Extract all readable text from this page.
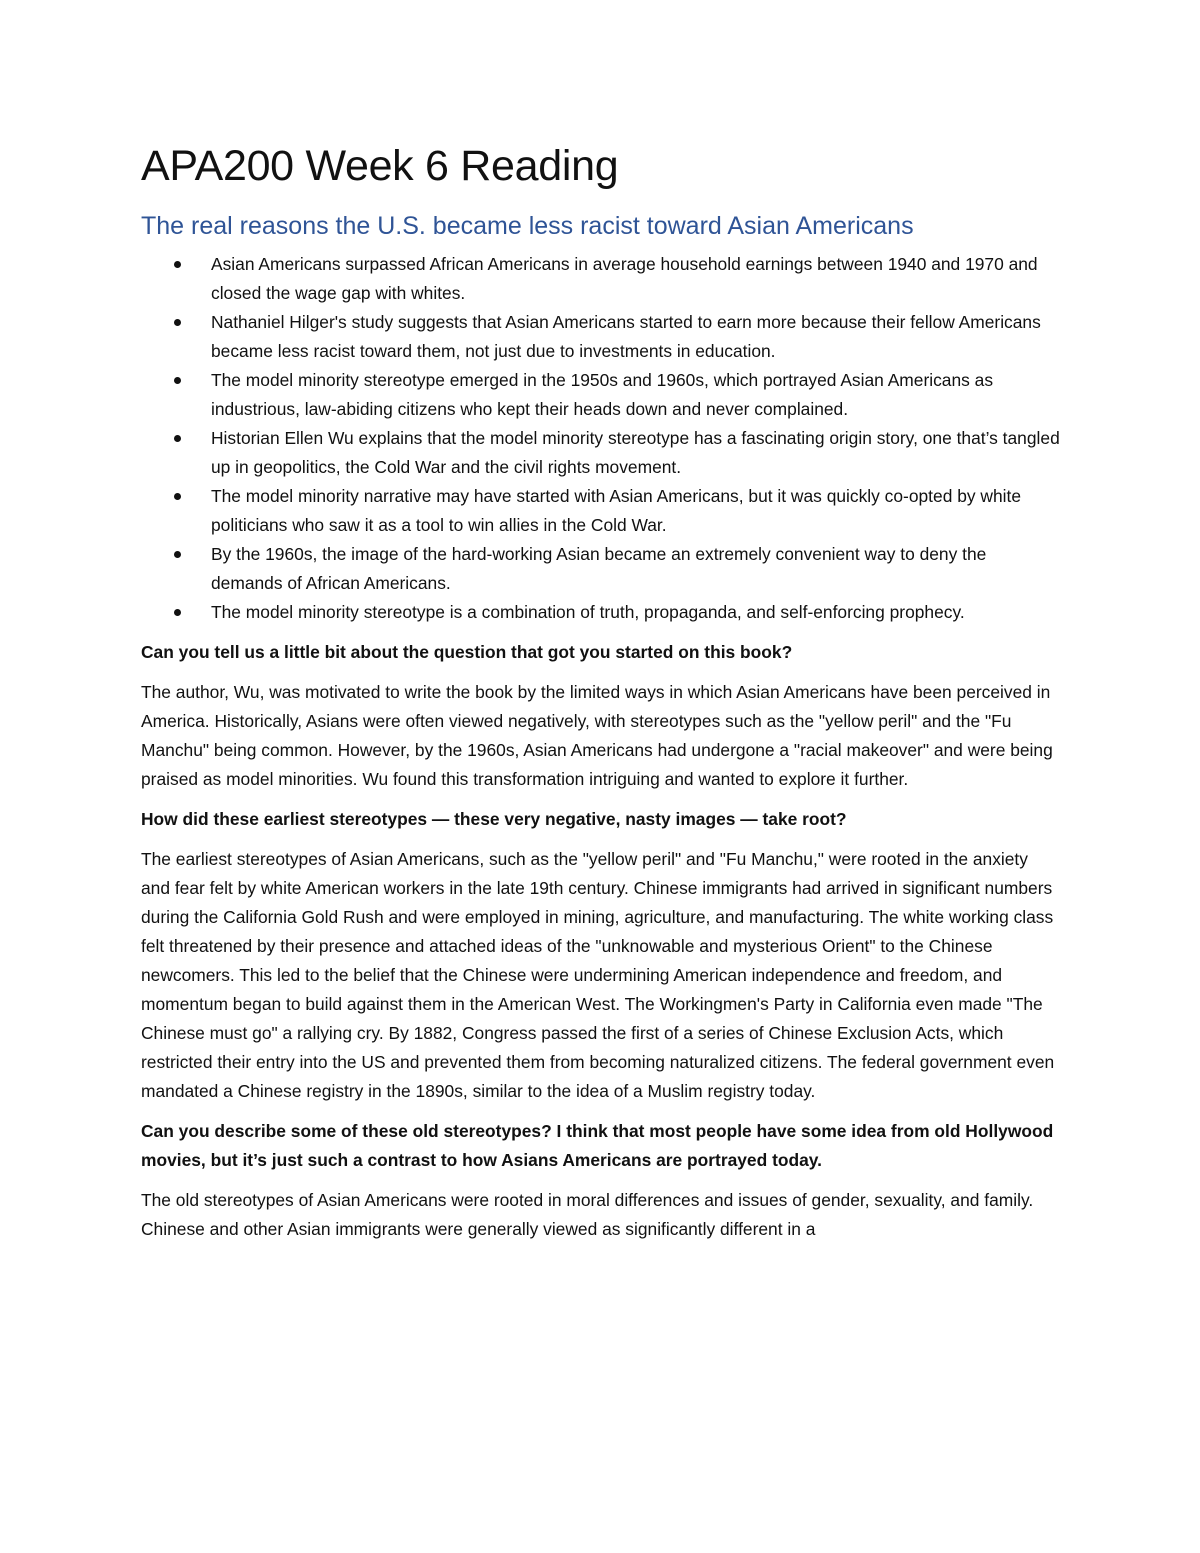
APA200 Week 6 Reading
The real reasons the U.S. became less racist toward Asian Americans
Asian Americans surpassed African Americans in average household earnings between 1940 and 1970 and closed the wage gap with whites.
Nathaniel Hilger's study suggests that Asian Americans started to earn more because their fellow Americans became less racist toward them, not just due to investments in education.
The model minority stereotype emerged in the 1950s and 1960s, which portrayed Asian Americans as industrious, law-abiding citizens who kept their heads down and never complained.
Historian Ellen Wu explains that the model minority stereotype has a fascinating origin story, one that’s tangled up in geopolitics, the Cold War and the civil rights movement.
The model minority narrative may have started with Asian Americans, but it was quickly co-opted by white politicians who saw it as a tool to win allies in the Cold War.
By the 1960s, the image of the hard-working Asian became an extremely convenient way to deny the demands of African Americans.
The model minority stereotype is a combination of truth, propaganda, and self-enforcing prophecy.

Can you tell us a little bit about the question that got you started on this book?

The author, Wu, was motivated to write the book by the limited ways in which Asian Americans have been perceived in America. Historically, Asians were often viewed negatively, with stereotypes such as the "yellow peril" and the "Fu Manchu" being common. However, by the 1960s, Asian Americans had undergone a "racial makeover" and were being praised as model minorities. Wu found this transformation intriguing and wanted to explore it further.

How did these earliest stereotypes — these very negative, nasty images — take root?

The earliest stereotypes of Asian Americans, such as the "yellow peril" and "Fu Manchu," were rooted in the anxiety and fear felt by white American workers in the late 19th century. Chinese immigrants had arrived in significant numbers during the California Gold Rush and were employed in mining, agriculture, and manufacturing. The white working class felt threatened by their presence and attached ideas of the "unknowable and mysterious Orient" to the Chinese newcomers. This led to the belief that the Chinese were undermining American independence and freedom, and momentum began to build against them in the American West. The Workingmen's Party in California even made "The Chinese must go" a rallying cry. By 1882, Congress passed the first of a series of Chinese Exclusion Acts, which restricted their entry into the US and prevented them from becoming naturalized citizens. The federal government even mandated a Chinese registry in the 1890s, similar to the idea of a Muslim registry today.

Can you describe some of these old stereotypes? I think that most people have some idea from old Hollywood movies, but it’s just such a contrast to how Asians Americans are portrayed today.

The old stereotypes of Asian Americans were rooted in moral differences and issues of gender, sexuality, and family. Chinese and other Asian immigrants were generally viewed as significantly different in a
